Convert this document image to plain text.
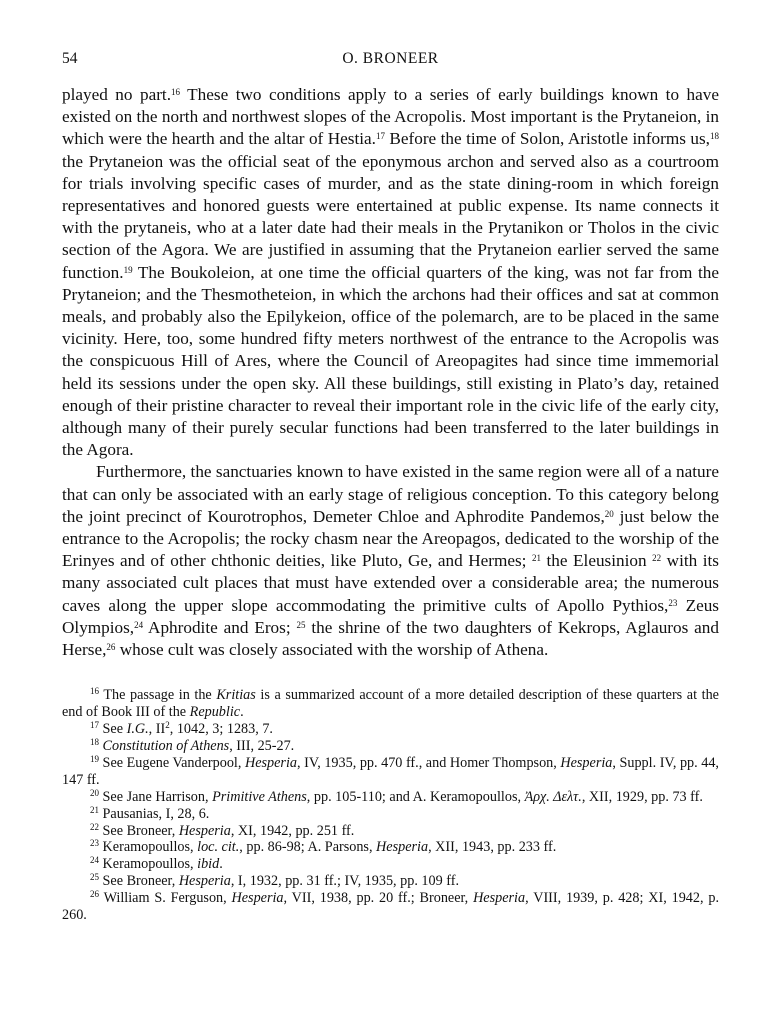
54	O. BRONEER

played no part.$^{16}$ These two conditions apply to a series of early buildings known to have existed on the north and northwest slopes of the Acropolis. Most important is the Prytaneion, in which were the hearth and the altar of Hestia.$^{17}$ Before the time of Solon, Aristotle informs us,$^{18}$ the Prytaneion was the official seat of the eponymous archon and served also as a courtroom for trials involving specific cases of murder, and as the state dining-room in which foreign representatives and honored guests were entertained at public expense. Its name connects it with the prytaneis, who at a later date had their meals in the Prytanikon or Tholos in the civic section of the Agora. We are justified in assuming that the Prytaneion earlier served the same function.$^{19}$ The Boukoleion, at one time the official quarters of the king, was not far from the Prytaneion; and the Thesmotheteion, in which the archons had their offices and sat at common meals, and probably also the Epilykeion, office of the polemarch, are to be placed in the same vicinity. Here, too, some hundred fifty meters northwest of the entrance to the Acropolis was the conspicuous Hill of Ares, where the Council of Areopagites had since time immemorial held its sessions under the open sky. All these buildings, still existing in Plato’s day, retained enough of their pristine character to reveal their important role in the civic life of the early city, although many of their purely secular functions had been transferred to the later buildings in the Agora.

Furthermore, the sanctuaries known to have existed in the same region were all of a nature that can only be associated with an early stage of religious conception. To this category belong the joint precinct of Kourotrophos, Demeter Chloe and Aphrodite Pandemos,$^{20}$ just below the entrance to the Acropolis; the rocky chasm near the Areopagos, dedicated to the worship of the Erinyes and of other chthonic deities, like Pluto, Ge, and Hermes; $^{21}$ the Eleusinion $^{22}$ with its many associated cult places that must have extended over a considerable area; the numerous caves along the upper slope accommodating the primitive cults of Apollo Pythios,$^{23}$ Zeus Olympios,$^{24}$ Aphrodite and Eros; $^{25}$ the shrine of the two daughters of Kekrops, Aglauros and Herse,$^{26}$ whose cult was closely associated with the worship of Athena.

$^{16}$ The passage in the Kritias is a summarized account of a more detailed description of these quarters at the end of Book III of the Republic.

$^{17}$ See I.G., $II^2$, 1042, 3; 1283, 7.

$^{18}$ Constitution of Athens, III, 25-27.

$^{19}$ See Eugene Vanderpool, Hesperia, IV, 1935, pp. 470 ff., and Homer Thompson, Hesperia, Suppl. IV, pp. 44, 147 ff.

$^{20}$ See Jane Harrison, Primitive Athens, pp. 105-110; and A. Keramopoullos, Ἀρχ. Δελτ., XII, 1929, pp. 73 ff.

$^{21}$ Pausanias, I, 28, 6.

$^{22}$ See Broneer, Hesperia, XI, 1942, pp. 251 ff.

$^{23}$ Keramopoullos, loc. cit., pp. 86-98; A. Parsons, Hesperia, XII, 1943, pp. 233 ff.

$^{24}$ Keramopoullos, ibid.

$^{25}$ See Broneer, Hesperia, I, 1932, pp. 31 ff.; IV, 1935, pp. 109 ff.

$^{26}$ William S. Ferguson, Hesperia, VII, 1938, pp. 20 ff.; Broneer, Hesperia, VIII, 1939, p. 428; XI, 1942, p. 260.
